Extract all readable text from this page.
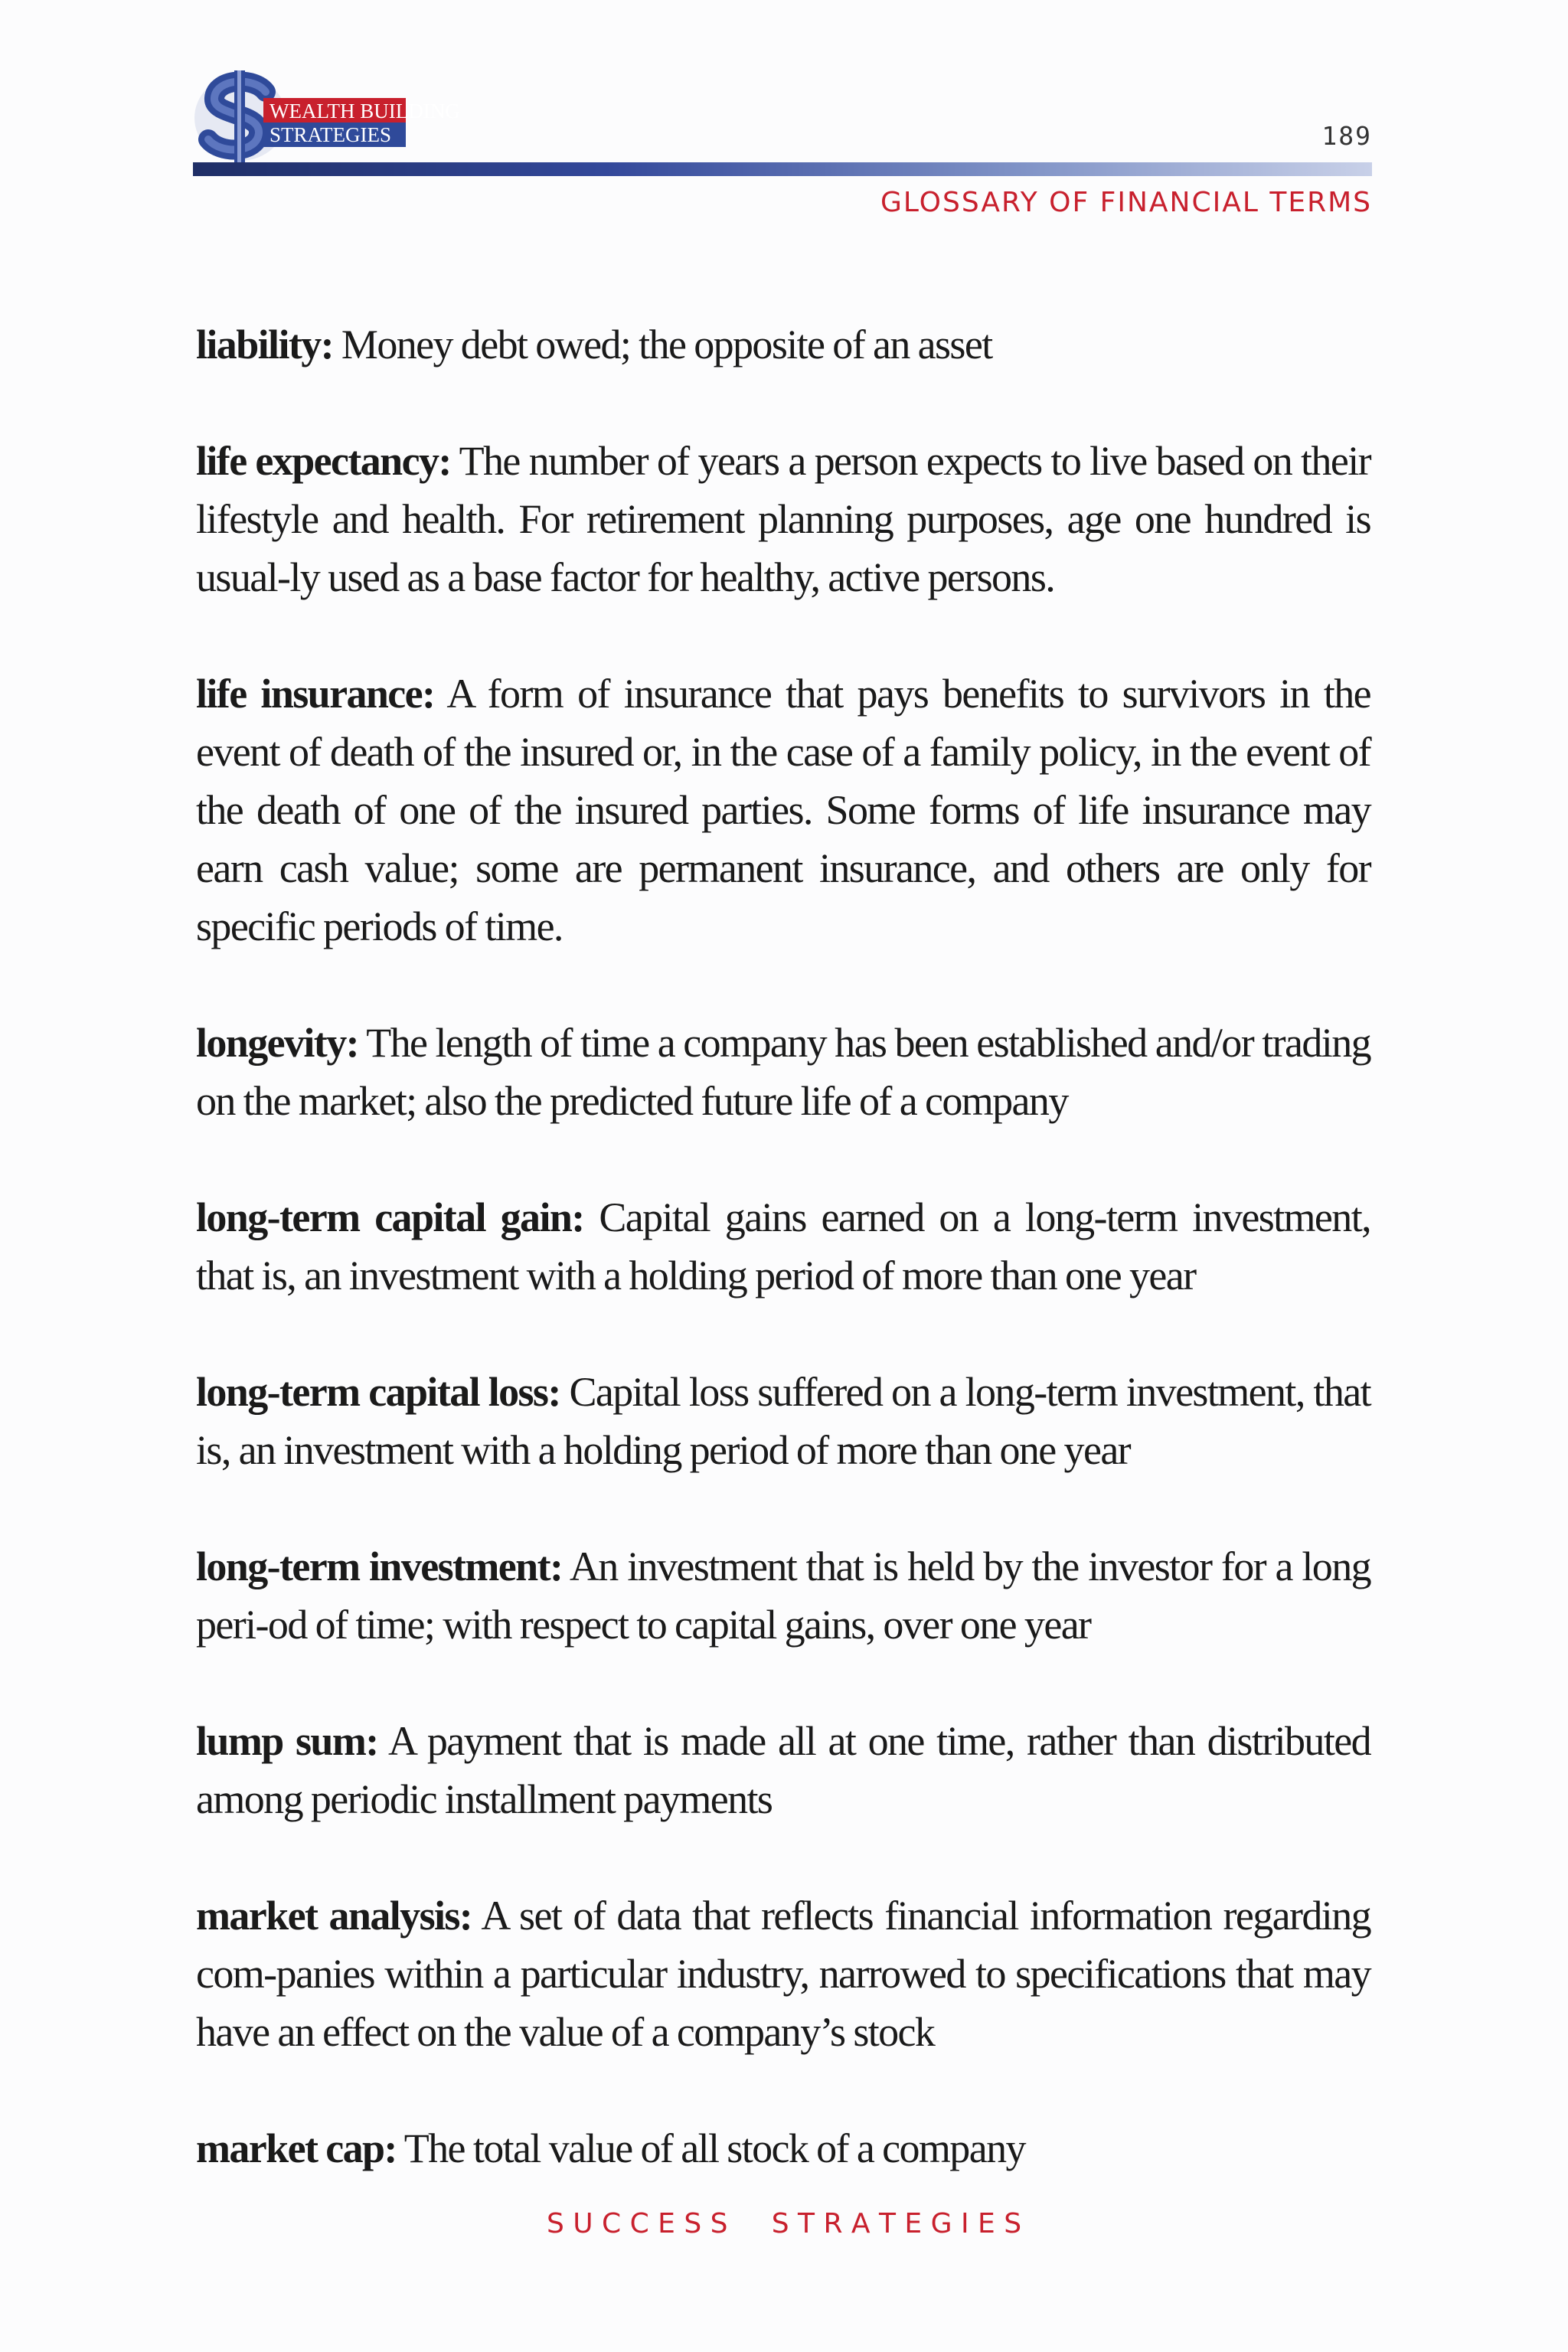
WEALTH BUILDING
STRATEGIES	189
GLOSSARY OF FINANCIAL TERMS

liability: Money debt owed; the opposite of an asset

life expectancy: The number of years a person expects to live based on their lifestyle and health. For retirement planning purposes, age one hundred is usual-ly used as a base factor for healthy, active persons.

life insurance: A form of insurance that pays benefits to survivors in the event of death of the insured or, in the case of a family policy, in the event of the death of one of the insured parties. Some forms of life insurance may earn cash value; some are permanent insurance, and others are only for specific periods of time.

longevity: The length of time a company has been established and/or trading on the market; also the predicted future life of a company

long-term capital gain: Capital gains earned on a long-term investment, that is, an investment with a holding period of more than one year

long-term capital loss: Capital loss suffered on a long-term investment, that is, an investment with a holding period of more than one year

long-term investment: An investment that is held by the investor for a long peri-od of time; with respect to capital gains, over one year

lump sum: A payment that is made all at one time, rather than distributed among periodic installment payments

market analysis: A set of data that reflects financial information regarding com-panies within a particular industry, narrowed to specifications that may have an effect on the value of a company’s stock

market cap: The total value of all stock of a company

S U C C E S S     S T R A T E G I E S
